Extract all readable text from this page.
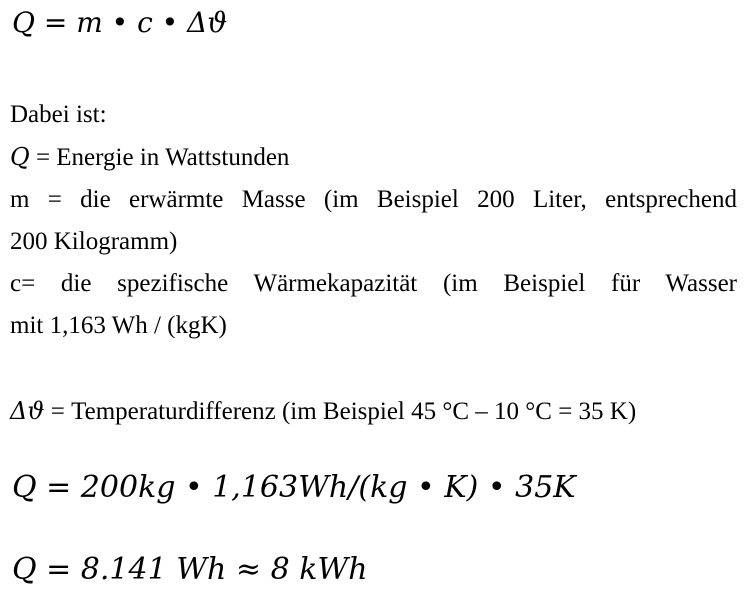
Q = m • c • Δϑ
Dabei ist:
Q = Energie in Wattstunden
m = die erwärmte Masse (im Beispiel 200 Liter, entsprechend
200 Kilogramm)
c= die spezifische Wärmekapazität (im Beispiel für Wasser
mit 1,163 Wh / (kgK)
Δϑ = Temperaturdifferenz (im Beispiel 45 °C – 10 °C = 35 K)
Q = 200kg • 1,163Wh/(kg • K) • 35K
Q = 8.141 Wh ≈ 8 kWh
